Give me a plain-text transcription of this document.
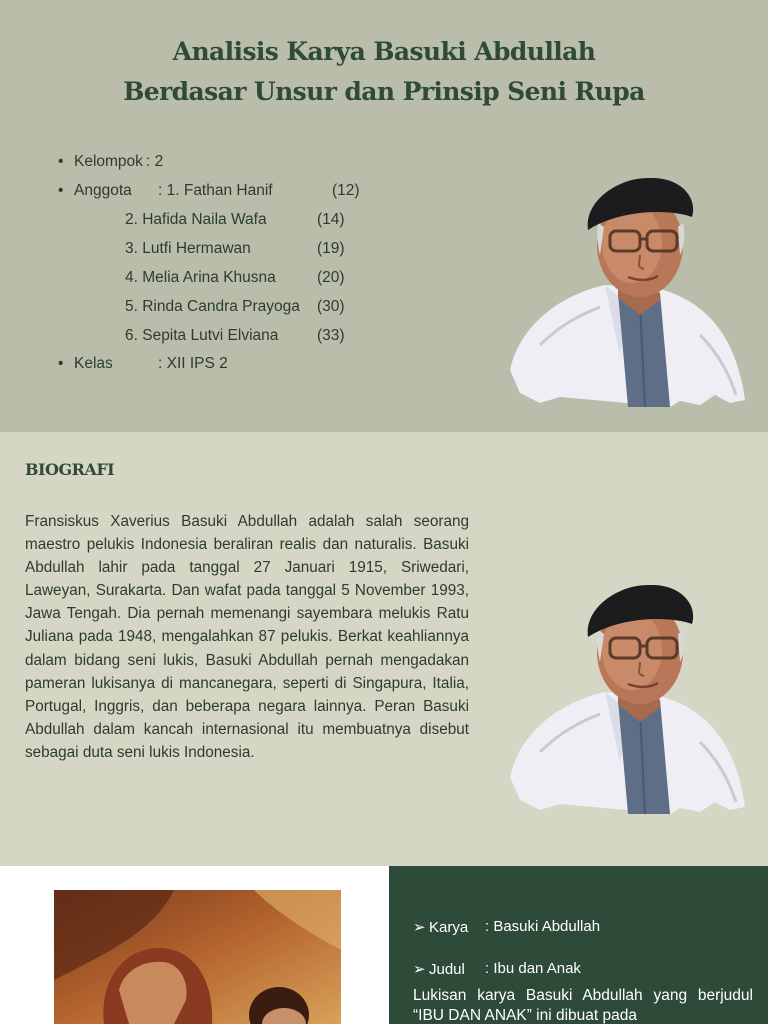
Analisis Karya Basuki Abdullah
Berdasar Unsur dan Prinsip Seni Rupa
• Kelompok : 2
• Anggota : 1. Fathan Hanif	(12)
2. Hafida Naila Wafa	(14)
3. Lutfi Hermawan	(19)
4. Melia Arina Khusna	(20)
5. Rinda Candra Prayoga (30)
6. Sepita Lutvi Elviana (33)
• Kelas	: XII IPS 2
BIOGRAFI

Fransiskus Xaverius Basuki Abdullah adalah salah seorang maestro pelukis Indonesia beraliran realis dan naturalis. Basuki Abdullah lahir pada tanggal 27 Januari 1915, Sriwedari, Laweyan, Surakarta. Dan wafat pada tanggal 5 November 1993, Jawa Tengah. Dia pernah memenangi sayembara melukis Ratu Juliana pada 1948, mengalahkan 87 pelukis. Berkat keahliannya dalam bidang seni lukis, Basuki Abdullah pernah mengadakan pameran lukisanya di mancanegara, seperti di Singapura, Italia, Portugal, Inggris, dan beberapa negara lainnya. Peran Basuki Abdullah dalam kancah internasional itu membuatnya disebut sebagai duta seni lukis Indonesia.

➢ Karya : Basuki Abdullah
➢ Judul : Ibu dan Anak

Lukisan karya Basuki Abdullah yang berjudul “IBU DAN ANAK” ini dibuat pada
